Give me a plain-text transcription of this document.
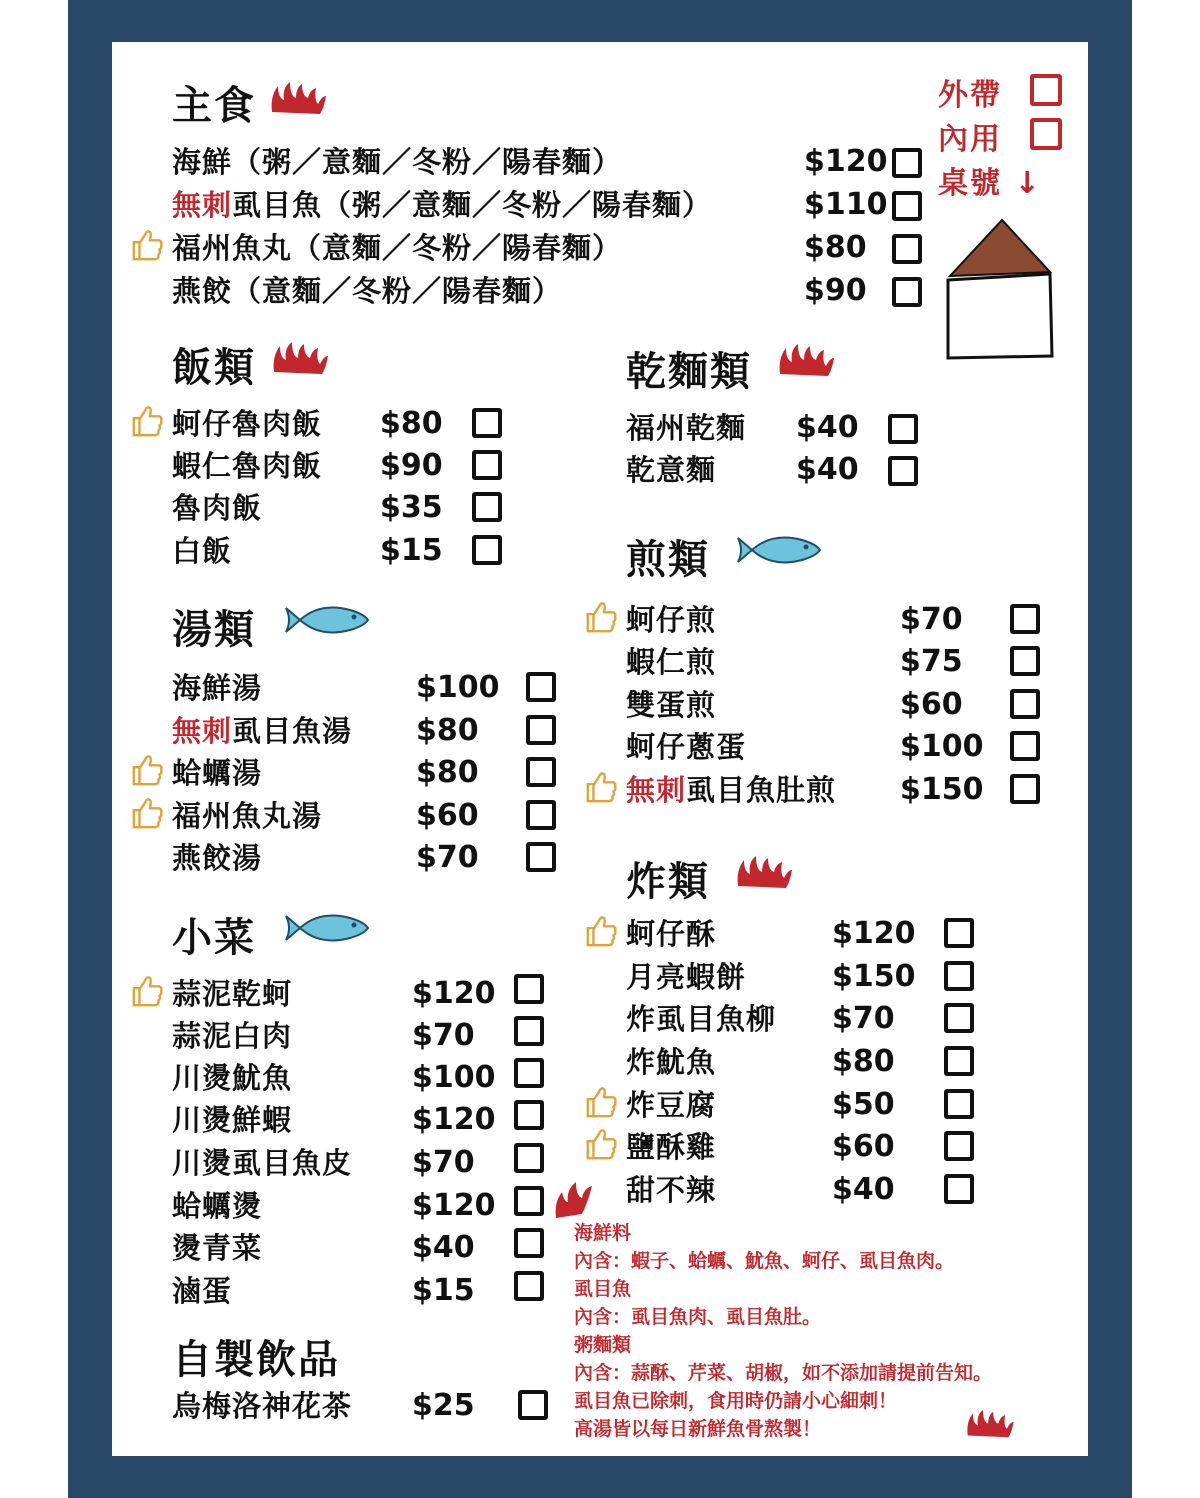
外帶
內用
桌號 ↓
主食
海鮮（粥／意麵／冬粉／陽春麵）	$120
無刺虱目魚（粥／意麵／冬粉／陽春麵）	$110
福州魚丸（意麵／冬粉／陽春麵）	$80
燕餃（意麵／冬粉／陽春麵）	$90
飯類
蚵仔魯肉飯 $80
蝦仁魯肉飯 $90
魯肉飯	$35
白飯	$15
乾麵類
福州乾麵 $40
乾意麵	$40
煎類
蚵仔煎	$70
蝦仁煎	$75
雙蛋煎	$60
蚵仔蔥蛋	$100
無刺虱目魚肚煎 $150
湯類
海鮮湯	$100
無刺虱目魚湯 $80
蛤蠣湯	$80
福州魚丸湯	$60
燕餃湯	$70
炸類
蚵仔酥	$120
月亮蝦餅	$150
炸虱目魚柳 $70
炸魷魚	$80
炸豆腐	$50
鹽酥雞	$60
甜不辣	$40
小菜
蒜泥乾蚵	$120
蒜泥白肉	$70
川燙魷魚	$100
川燙鮮蝦	$120
川燙虱目魚皮 $70
蛤蠣燙	$120
燙青菜	$40
滷蛋	$15
自製飲品
烏梅洛神花茶 $25
海鮮料
內含：蝦子、蛤蠣、魷魚、蚵仔、虱目魚肉。
虱目魚
內含：虱目魚肉、虱目魚肚。
粥麵類
內含：蒜酥、芹菜、胡椒，如不添加請提前告知。
虱目魚已除刺，食用時仍請小心細刺！
高湯皆以每日新鮮魚骨熬製！
